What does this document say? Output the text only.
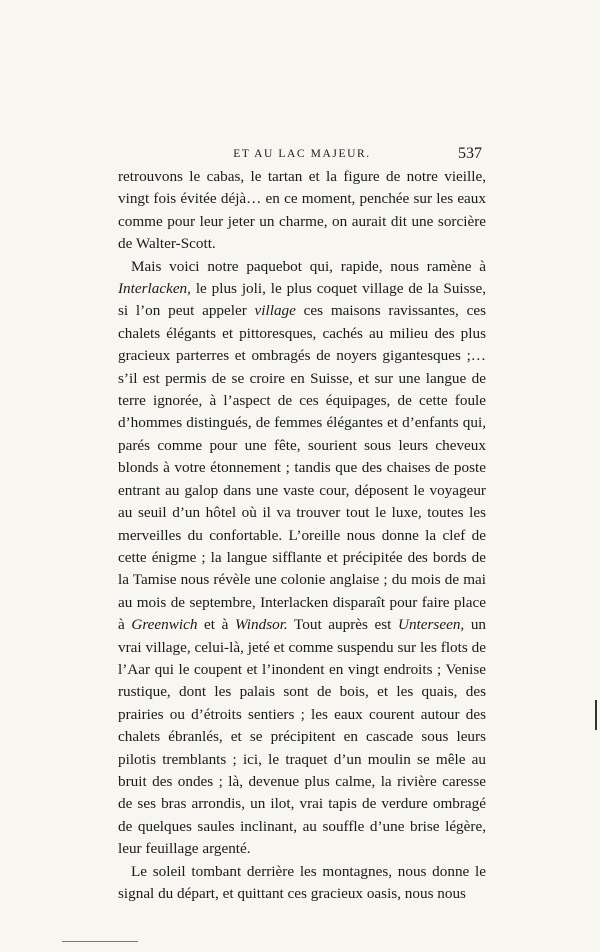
ET AU LAC MAJEUR.	537

retrouvons le cabas, le tartan et la figure de notre vieille, vingt fois évitée déjà… en ce moment, penchée sur les eaux comme pour leur jeter un charme, on aurait dit une sorcière de Walter-Scott.

Mais voici notre paquebot qui, rapide, nous ramène à Interlacken, le plus joli, le plus coquet village de la Suisse, si l’on peut appeler village ces maisons ravissantes, ces chalets élégants et pittoresques, cachés au milieu des plus gracieux parterres et ombragés de noyers gigantesques ;… s’il est permis de se croire en Suisse, et sur une langue de terre ignorée, à l’aspect de ces équipages, de cette foule d’hommes distingués, de femmes élégantes et d’enfants qui, parés comme pour une fête, sourient sous leurs cheveux blonds à votre étonnement ; tandis que des chaises de poste entrant au galop dans une vaste cour, déposent le voyageur au seuil d’un hôtel où il va trouver tout le luxe, toutes les merveilles du confortable. L’oreille nous donne la clef de cette énigme ; la langue sifflante et précipitée des bords de la Tamise nous révèle une colonie anglaise ; du mois de mai au mois de septembre, Interlacken disparaît pour faire place à Greenwich et à Windsor. Tout auprès est Unterseen, un vrai village, celui-là, jeté et comme suspendu sur les flots de l’Aar qui le coupent et l’inondent en vingt endroits ; Venise rustique, dont les palais sont de bois, et les quais, des prairies ou d’étroits sentiers ; les eaux courent autour des chalets ébranlés, et se précipitent en cascade sous leurs pilotis tremblants ; ici, le traquet d’un moulin se mêle au bruit des ondes ; là, devenue plus calme, la rivière caresse de ses bras arrondis, un ilot, vrai tapis de verdure ombragé de quelques saules inclinant, au souffle d’une brise légère, leur feuillage argenté.

Le soleil tombant derrière les montagnes, nous donne le signal du départ, et quittant ces gracieux oasis, nous nous
